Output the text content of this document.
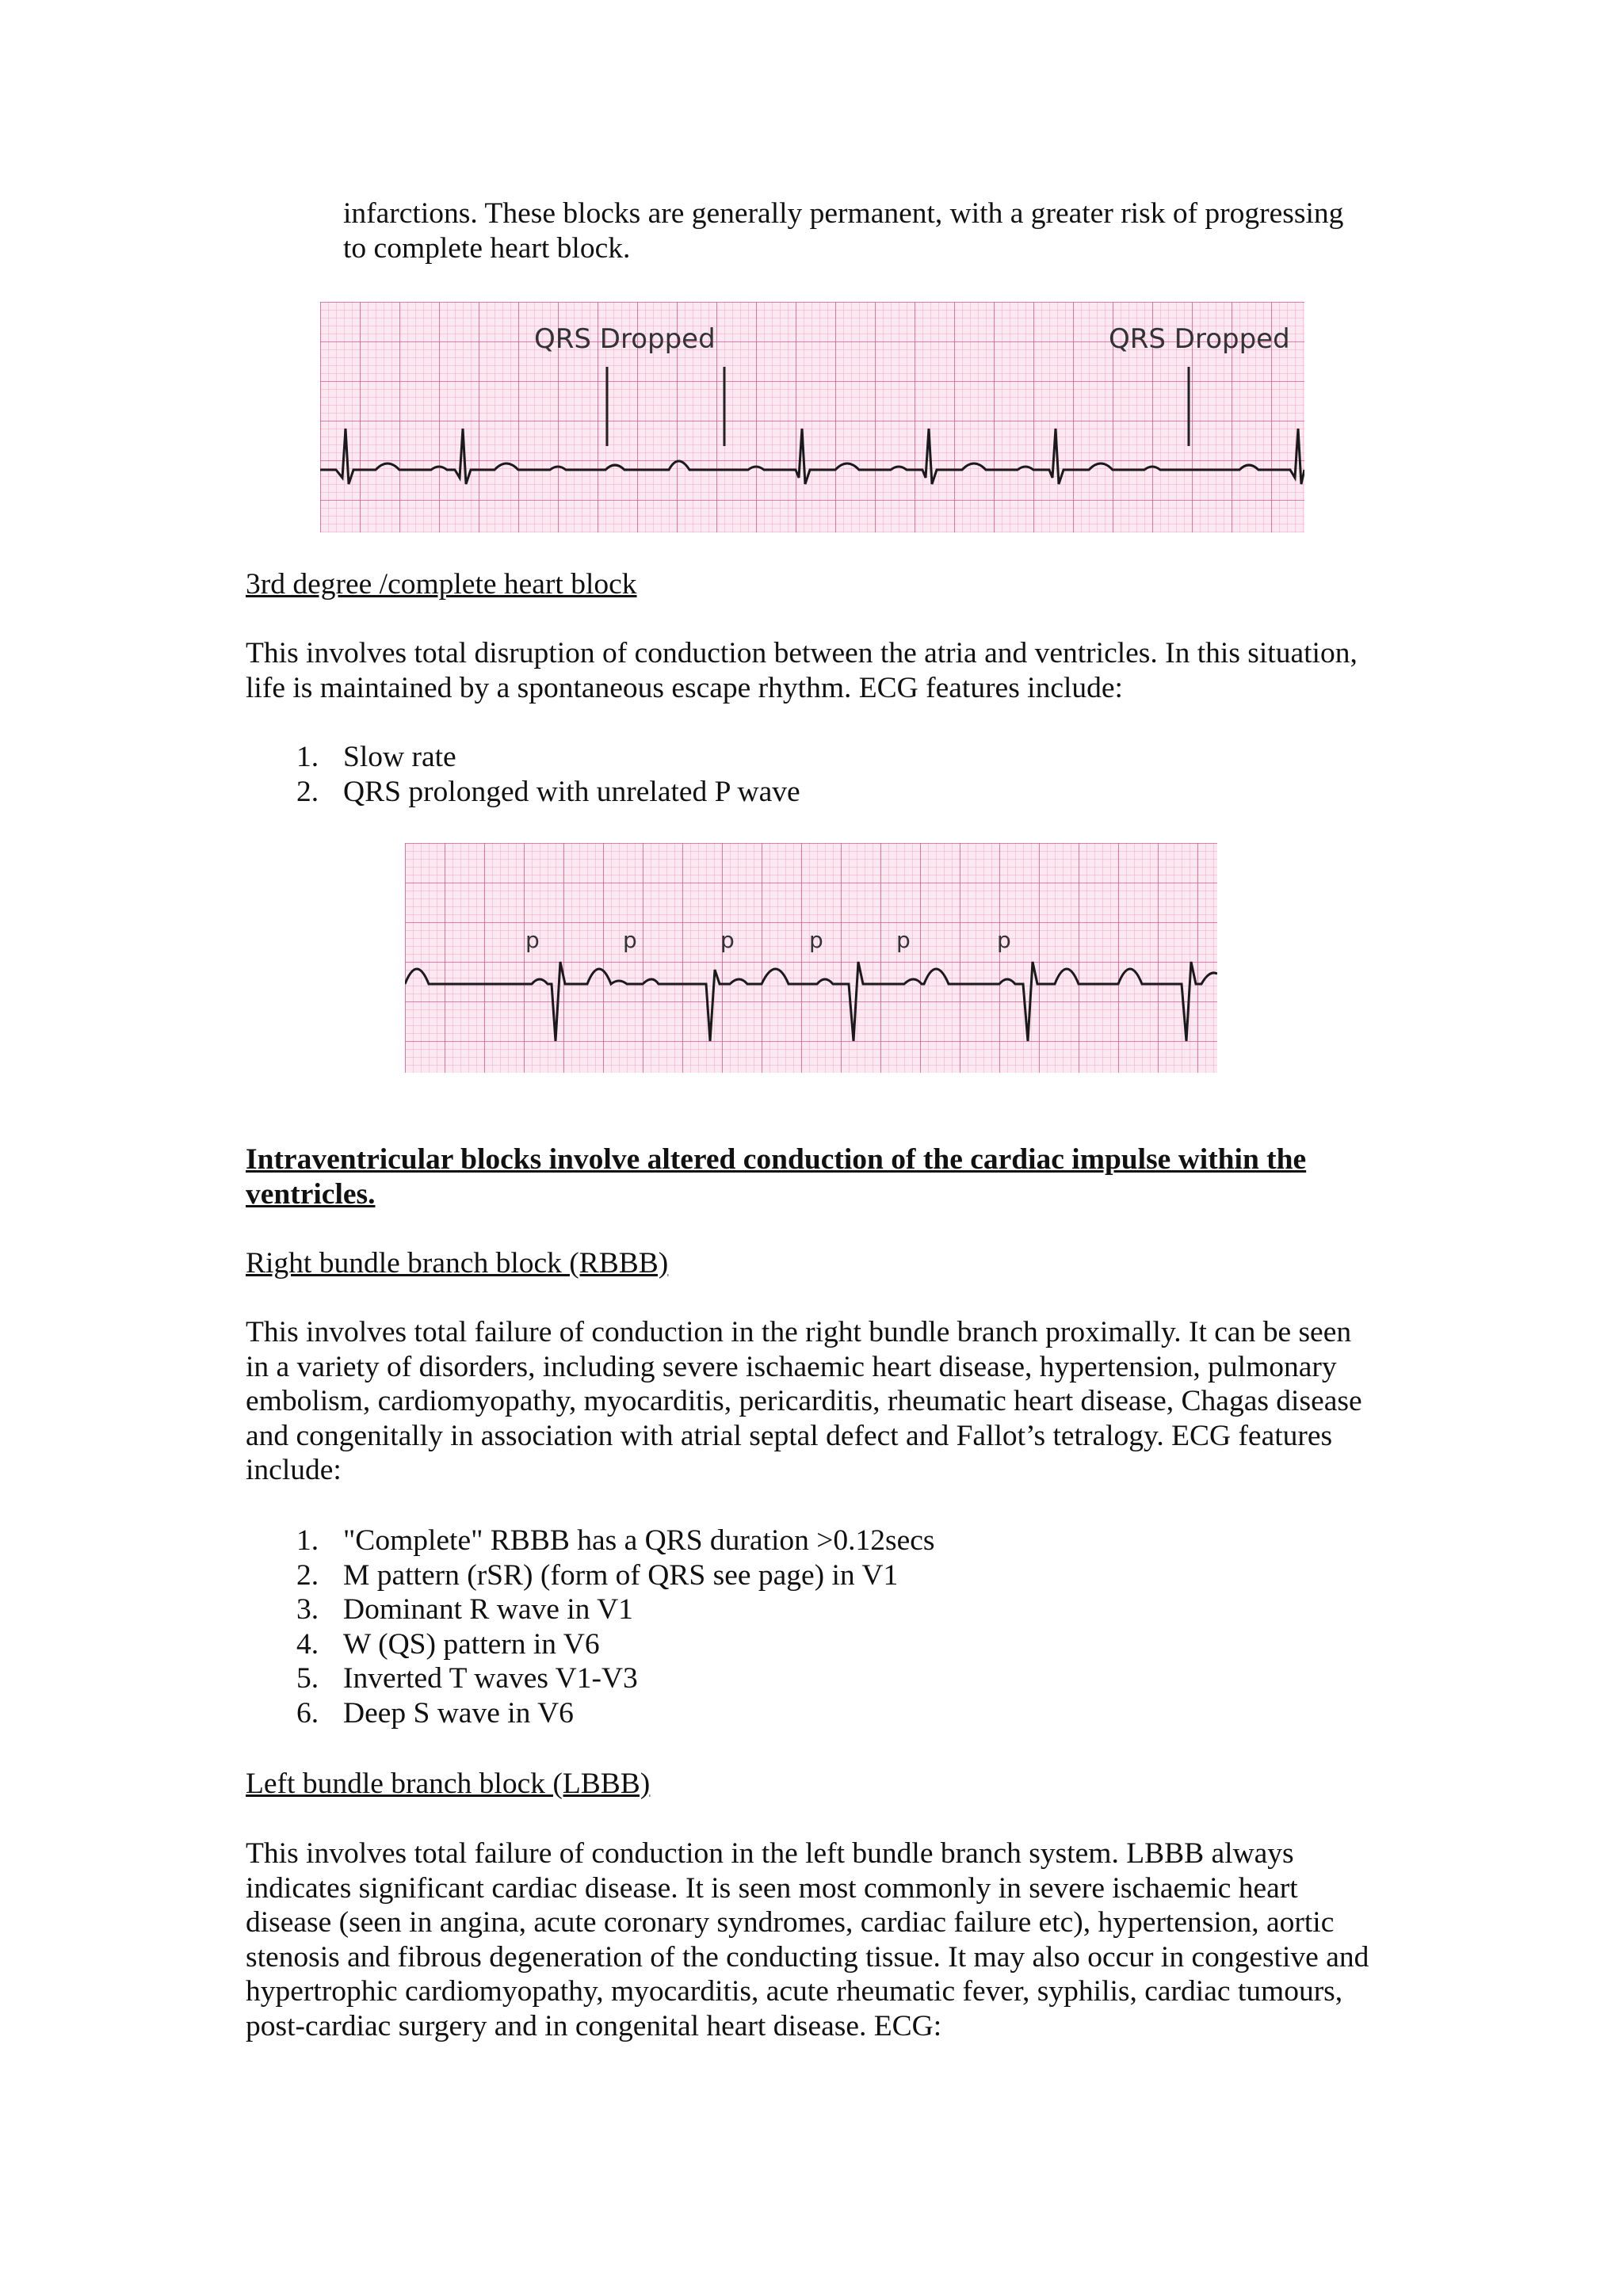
infarctions. These blocks are generally permanent, with a greater risk of progressing to complete heart block.

QRS Dropped	QRS Dropped

3rd degree /complete heart block

This involves total disruption of conduction between the atria and ventricles. In this situation, life is maintained by a spontaneous escape rhythm. ECG features include:

1. Slow rate
2. QRS prolonged with unrelated P wave
p	p	p	p	p	p

Intraventricular blocks involve altered conduction of the cardiac impulse within the ventricles.

Right bundle branch block (RBBB)

This involves total failure of conduction in the right bundle branch proximally. It can be seen in a variety of disorders, including severe ischaemic heart disease, hypertension, pulmonary embolism, cardiomyopathy, myocarditis, pericarditis, rheumatic heart disease, Chagas disease and congenitally in association with atrial septal defect and Fallot’s tetralogy. ECG features include:

1. "Complete" RBBB has a QRS duration >0.12secs
2. M pattern (rSR) (form of QRS see page) in V1
3. Dominant R wave in V1
4. W (QS) pattern in V6
5. Inverted T waves V1-V3
6. Deep S wave in V6

Left bundle branch block (LBBB)

This involves total failure of conduction in the left bundle branch system. LBBB always indicates significant cardiac disease. It is seen most commonly in severe ischaemic heart disease (seen in angina, acute coronary syndromes, cardiac failure etc), hypertension, aortic stenosis and fibrous degeneration of the conducting tissue. It may also occur in congestive and hypertrophic cardiomyopathy, myocarditis, acute rheumatic fever, syphilis, cardiac tumours, post-cardiac surgery and in congenital heart disease. ECG:
